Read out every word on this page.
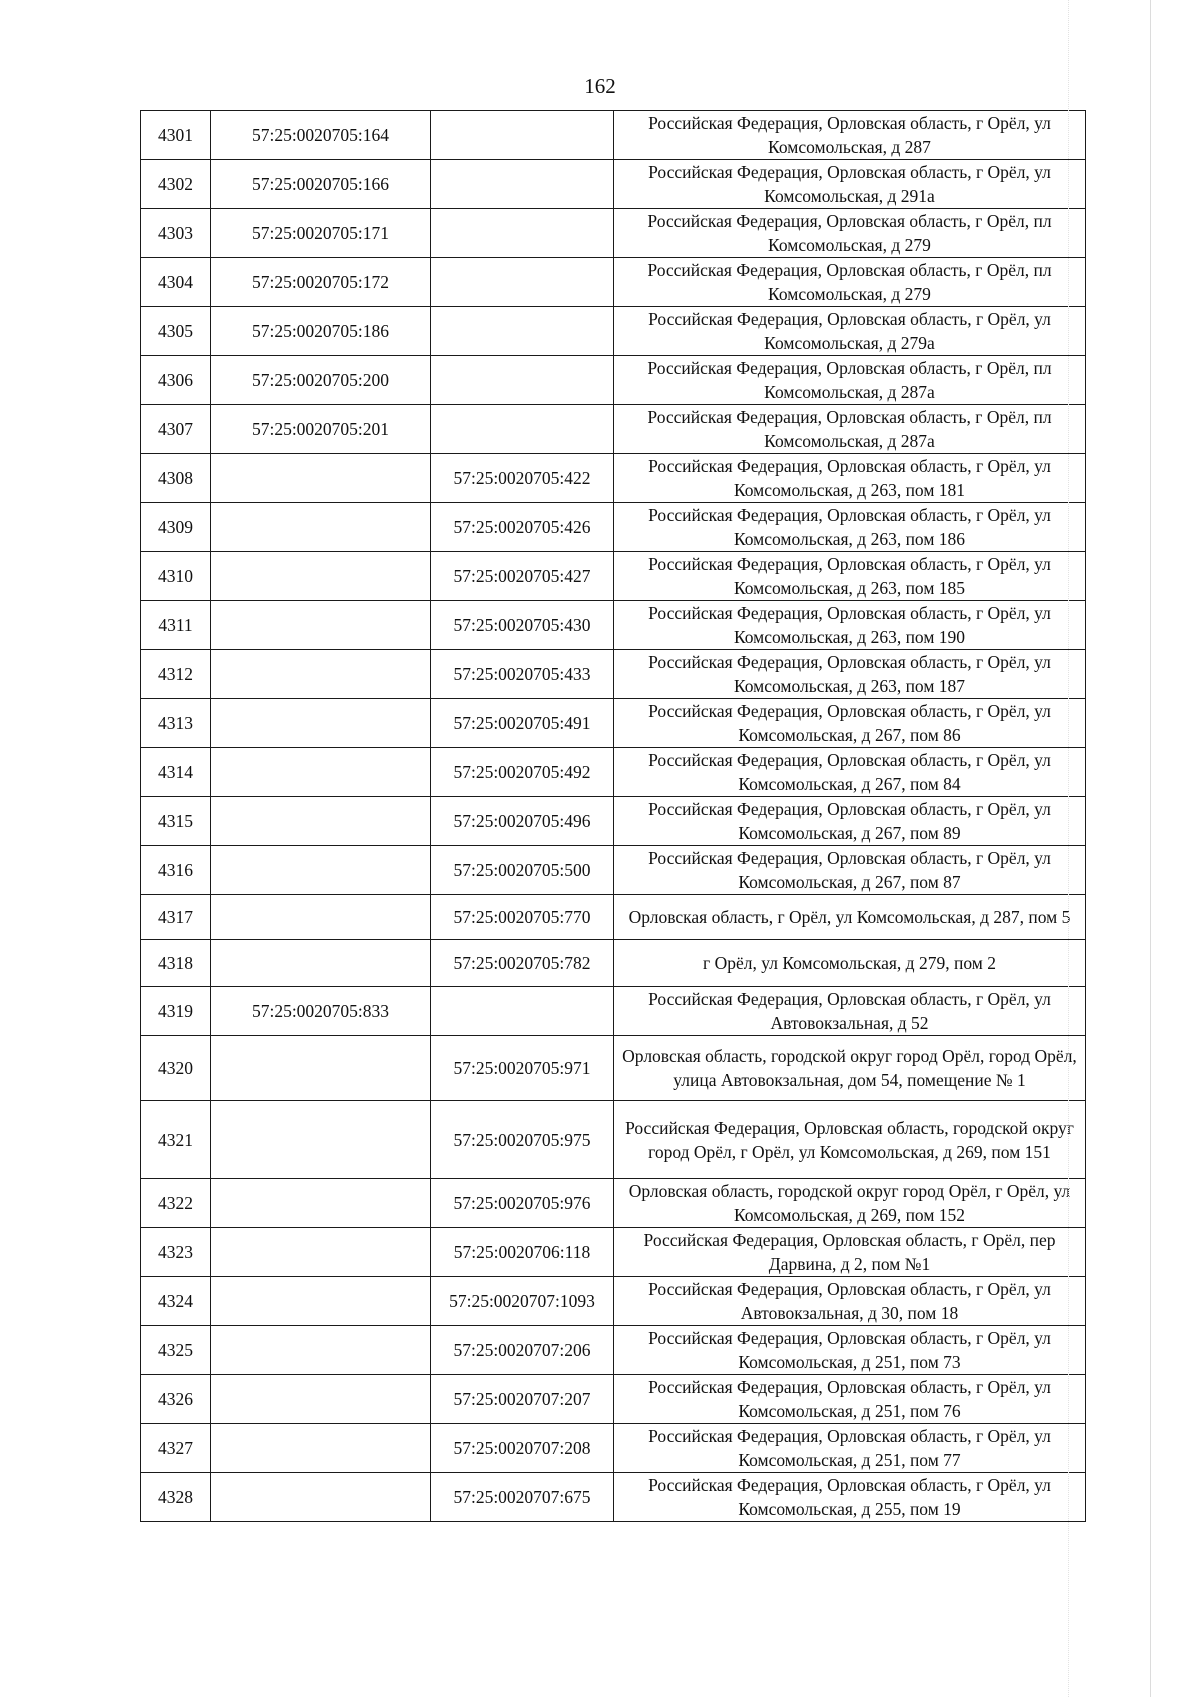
162
4301	57:25:0020705:164		Российская Федерация, Орловская область, г Орёл, ул Комсомольская, д 287
4302	57:25:0020705:166		Российская Федерация, Орловская область, г Орёл, ул Комсомольская, д 291а
4303	57:25:0020705:171		Российская Федерация, Орловская область, г Орёл, пл Комсомольская, д 279
4304	57:25:0020705:172		Российская Федерация, Орловская область, г Орёл, пл Комсомольская, д 279
4305	57:25:0020705:186		Российская Федерация, Орловская область, г Орёл, ул Комсомольская, д 279а
4306	57:25:0020705:200		Российская Федерация, Орловская область, г Орёл, пл Комсомольская, д 287а
4307	57:25:0020705:201		Российская Федерация, Орловская область, г Орёл, пл Комсомольская, д 287а
4308		57:25:0020705:422	Российская Федерация, Орловская область, г Орёл, ул Комсомольская, д 263, пом 181
4309		57:25:0020705:426	Российская Федерация, Орловская область, г Орёл, ул Комсомольская, д 263, пом 186
4310		57:25:0020705:427	Российская Федерация, Орловская область, г Орёл, ул Комсомольская, д 263, пом 185
4311		57:25:0020705:430	Российская Федерация, Орловская область, г Орёл, ул Комсомольская, д 263, пом 190
4312		57:25:0020705:433	Российская Федерация, Орловская область, г Орёл, ул Комсомольская, д 263, пом 187
4313		57:25:0020705:491	Российская Федерация, Орловская область, г Орёл, ул Комсомольская, д 267, пом 86
4314		57:25:0020705:492	Российская Федерация, Орловская область, г Орёл, ул Комсомольская, д 267, пом 84
4315		57:25:0020705:496	Российская Федерация, Орловская область, г Орёл, ул Комсомольская, д 267, пом 89
4316		57:25:0020705:500	Российская Федерация, Орловская область, г Орёл, ул Комсомольская, д 267, пом 87
4317		57:25:0020705:770	Орловская область, г Орёл, ул Комсомольская, д 287, пом 5
4318		57:25:0020705:782	г Орёл, ул Комсомольская, д 279, пом 2
4319	57:25:0020705:833		Российская Федерация, Орловская область, г Орёл, ул Автовокзальная, д 52
4320		57:25:0020705:971	Орловская область, городской округ город Орёл, город Орёл, улица Автовокзальная, дом 54, помещение № 1
4321		57:25:0020705:975	Российская Федерация, Орловская область, городской округ город Орёл, г Орёл, ул Комсомольская, д 269, пом 151
4322		57:25:0020705:976	Орловская область, городской округ город Орёл, г Орёл, ул Комсомольская, д 269, пом 152
4323		57:25:0020706:118	Российская Федерация, Орловская область, г Орёл, пер Дарвина, д 2, пом №1
4324		57:25:0020707:1093	Российская Федерация, Орловская область, г Орёл, ул Автовокзальная, д 30, пом 18
4325		57:25:0020707:206	Российская Федерация, Орловская область, г Орёл, ул Комсомольская, д 251, пом 73
4326		57:25:0020707:207	Российская Федерация, Орловская область, г Орёл, ул Комсомольская, д 251, пом 76
4327		57:25:0020707:208	Российская Федерация, Орловская область, г Орёл, ул Комсомольская, д 251, пом 77
4328		57:25:0020707:675	Российская Федерация, Орловская область, г Орёл, ул Комсомольская, д 255, пом 19
